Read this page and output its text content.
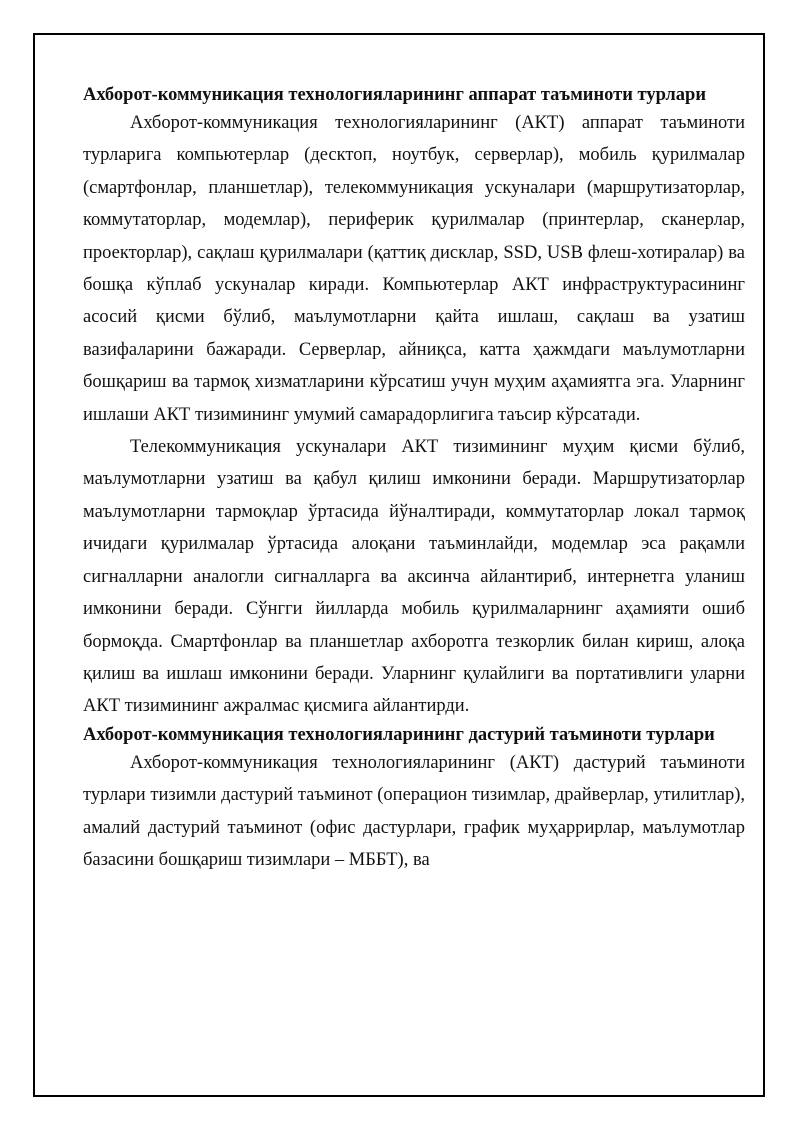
Ахборот-коммуникация технологияларининг аппарат таъминоти турлари

Ахборот-коммуникация технологияларининг (АКТ) аппарат таъминоти турларига компьютерлар (десктоп, ноутбук, серверлар), мобиль қурилмалар (смартфонлар, планшетлар), телекоммуникация ускуналари (маршрутизаторлар, коммутаторлар, модемлар), периферик қурилмалар (принтерлар, сканерлар, проекторлар), сақлаш қурилмалари (қаттиқ дисклар, SSD, USB флеш-хотиралар) ва бошқа кўплаб ускуналар киради. Компьютерлар АКТ инфраструктурасининг асосий қисми бўлиб, маълумотларни қайта ишлаш, сақлаш ва узатиш вазифаларини бажаради. Серверлар, айниқса, катта ҳажмдаги маълумотларни бошқариш ва тармоқ хизматларини кўрсатиш учун муҳим аҳамиятга эга. Уларнинг ишлаши АКТ тизимининг умумий самарадорлигига таъсир кўрсатади.

Телекоммуникация ускуналари АКТ тизимининг муҳим қисми бўлиб, маълумотларни узатиш ва қабул қилиш имконини беради. Маршрутизаторлар маълумотларни тармоқлар ўртасида йўналтиради, коммутаторлар локал тармоқ ичидаги қурилмалар ўртасида алоқани таъминлайди, модемлар эса рақамли сигналларни аналогли сигналларга ва аксинча айлантириб, интернетга уланиш имконини беради. Сўнгги йилларда мобиль қурилмаларнинг аҳамияти ошиб бормоқда. Смартфонлар ва планшетлар ахборотга тезкорлик билан кириш, алоқа қилиш ва ишлаш имконини беради. Уларнинг қулайлиги ва портативлиги уларни АКТ тизимининг ажралмас қисмига айлантирди.

Ахборот-коммуникация технологияларининг дастурий таъминоти турлари

Ахборот-коммуникация технологияларининг (АКТ) дастурий таъминоти турлари тизимли дастурий таъминот (операцион тизимлар, драйверлар, утилитлар), амалий дастурий таъминот (офис дастурлари, график муҳаррирлар, маълумотлар базасини бошқариш тизимлари – МББТ), ва
